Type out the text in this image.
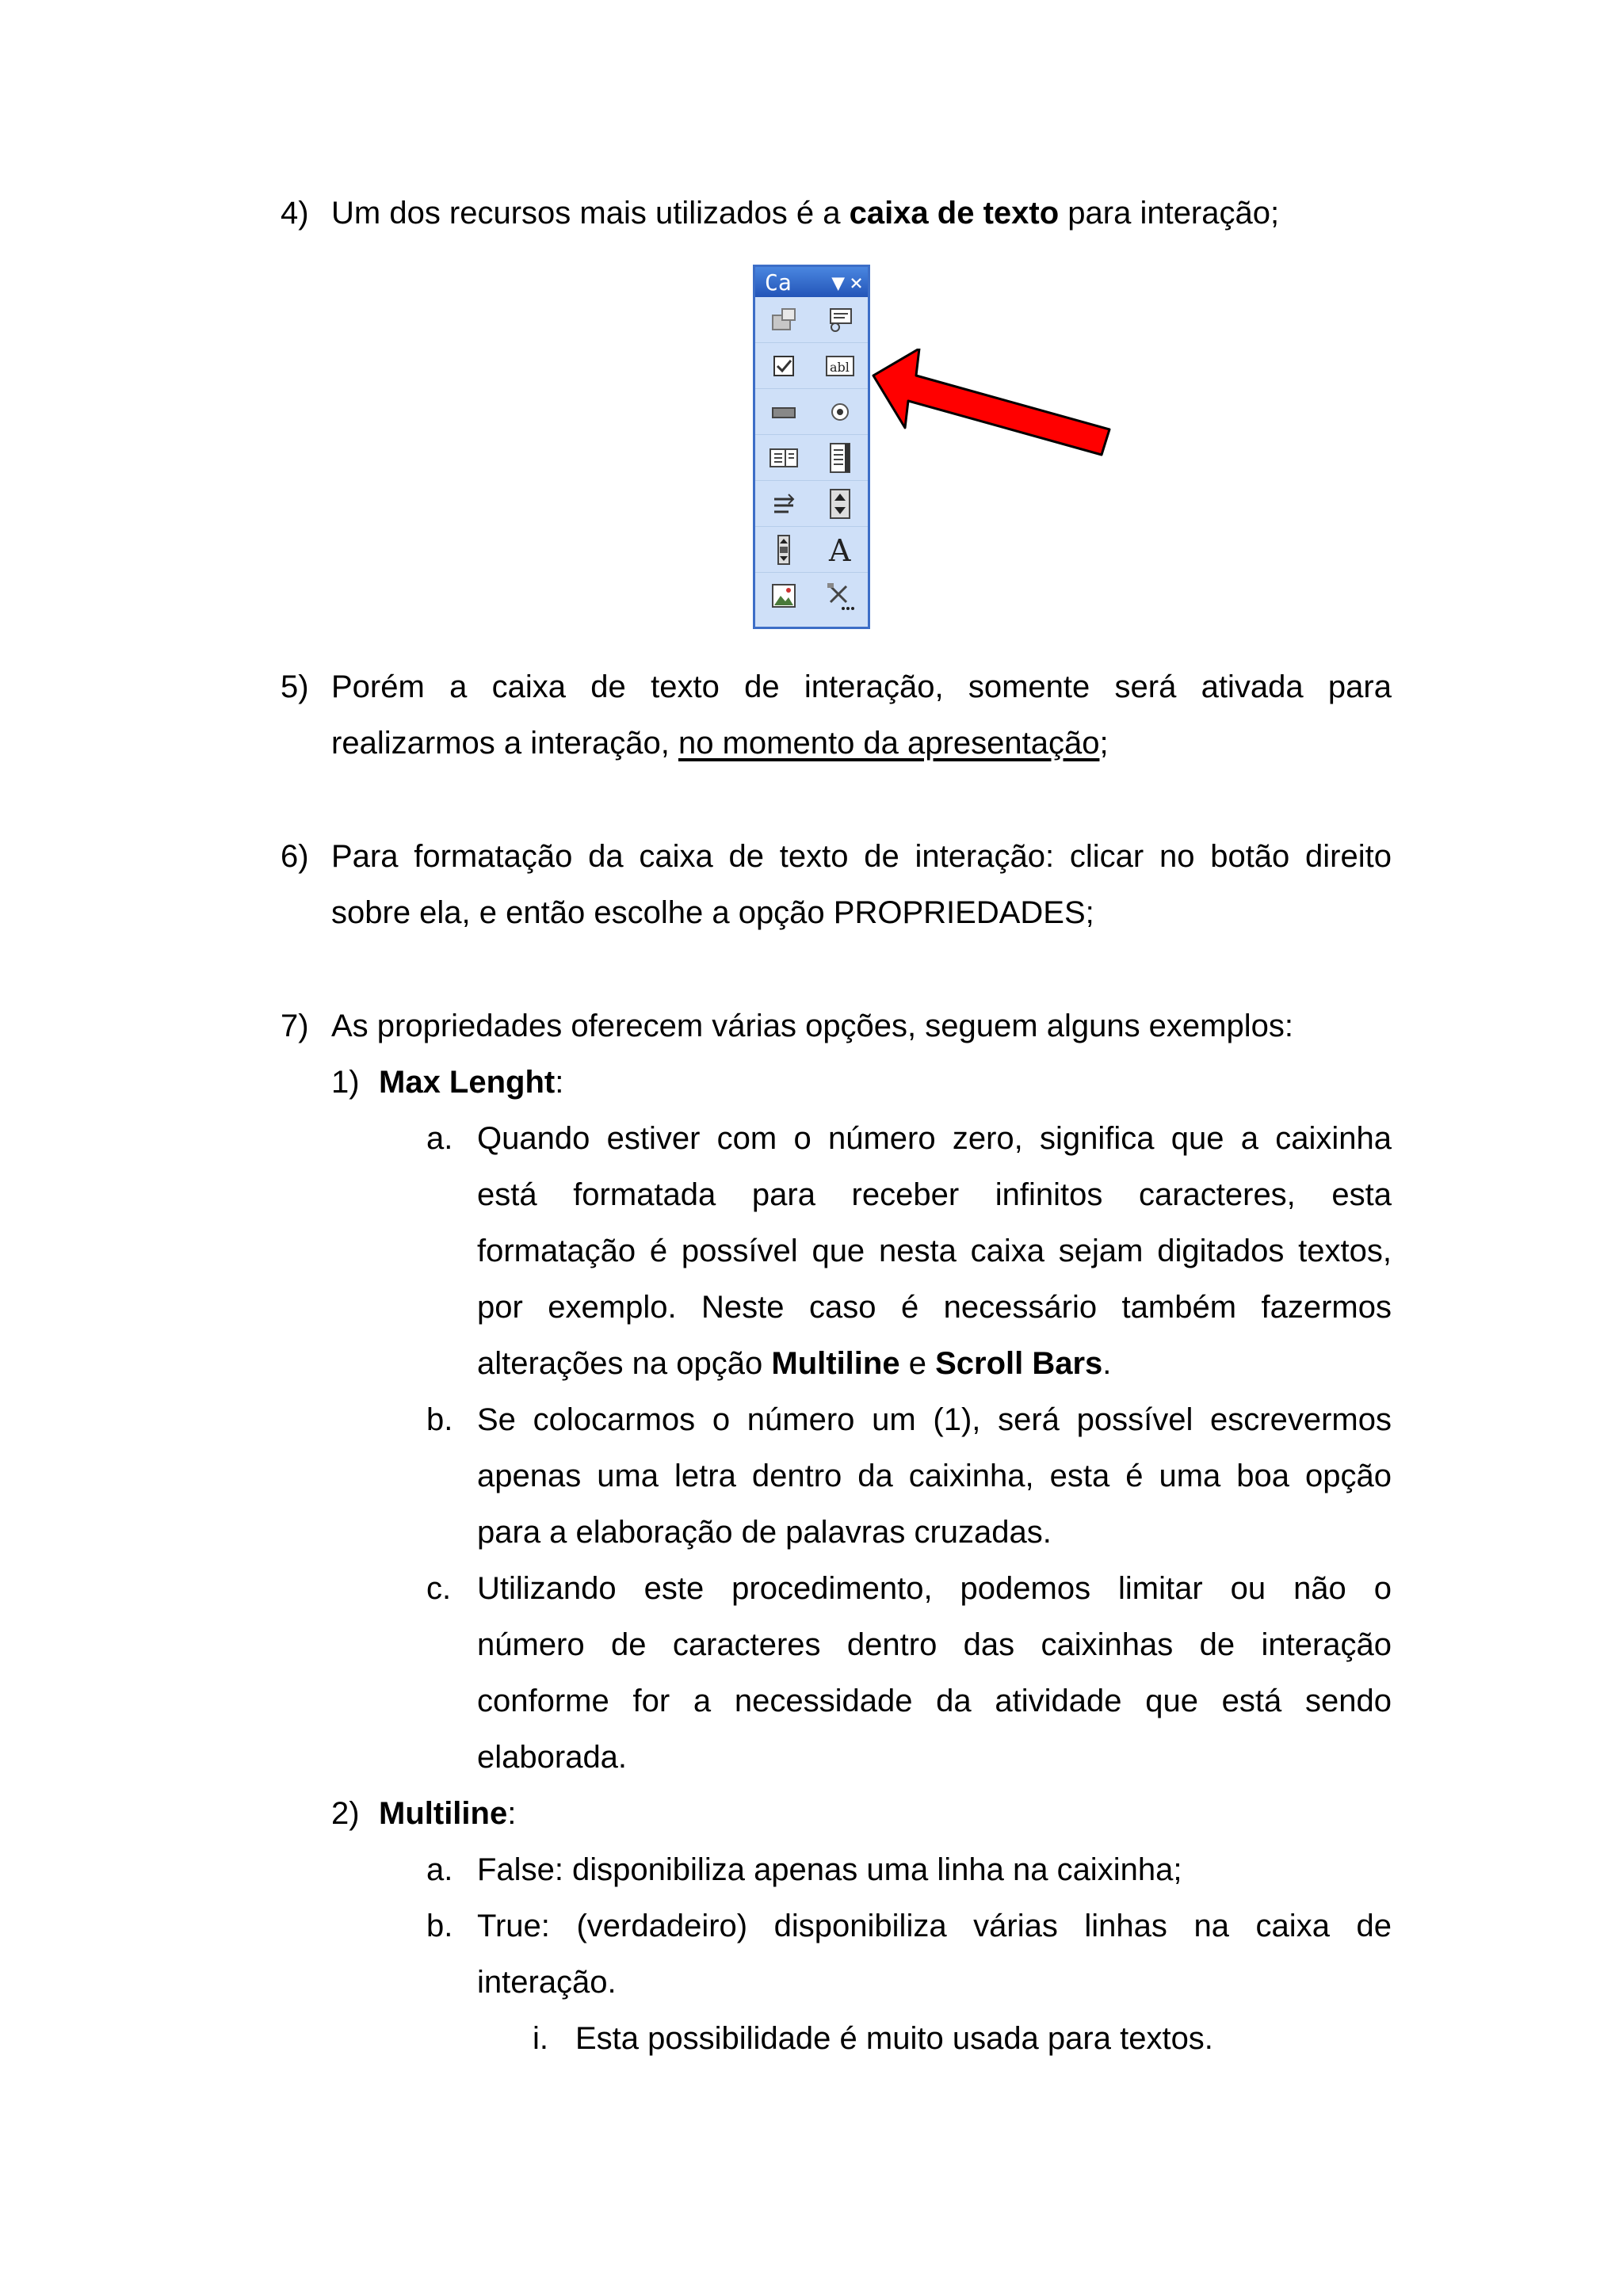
4) Um dos recursos mais utilizados é a caixa de texto para interação;
Ca	▼ ×
abl
A
5) Porém a caixa de texto de interação, somente será ativada para
realizarmos a interação, no momento da apresentação;
6) Para formatação da caixa de texto de interação: clicar no botão direito
sobre ela, e então escolhe a opção PROPRIEDADES;
7) As propriedades oferecem várias opções, seguem alguns exemplos:
1) Max Lenght:
a. Quando estiver com o número zero, significa que a caixinha
está formatada para receber infinitos caracteres, esta
formatação é possível que nesta caixa sejam digitados textos,
por exemplo. Neste caso é necessário também fazermos
alterações na opção Multiline e Scroll Bars.
b. Se colocarmos o número um (1), será possível escrevermos
apenas uma letra dentro da caixinha, esta é uma boa opção
para a elaboração de palavras cruzadas.
c. Utilizando este procedimento, podemos limitar ou não o
número de caracteres dentro das caixinhas de interação
conforme for a necessidade da atividade que está sendo
elaborada.
2) Multiline:
a. False: disponibiliza apenas uma linha na caixinha;
b. True: (verdadeiro) disponibiliza várias linhas na caixa de
interação.
i. Esta possibilidade é muito usada para textos.
